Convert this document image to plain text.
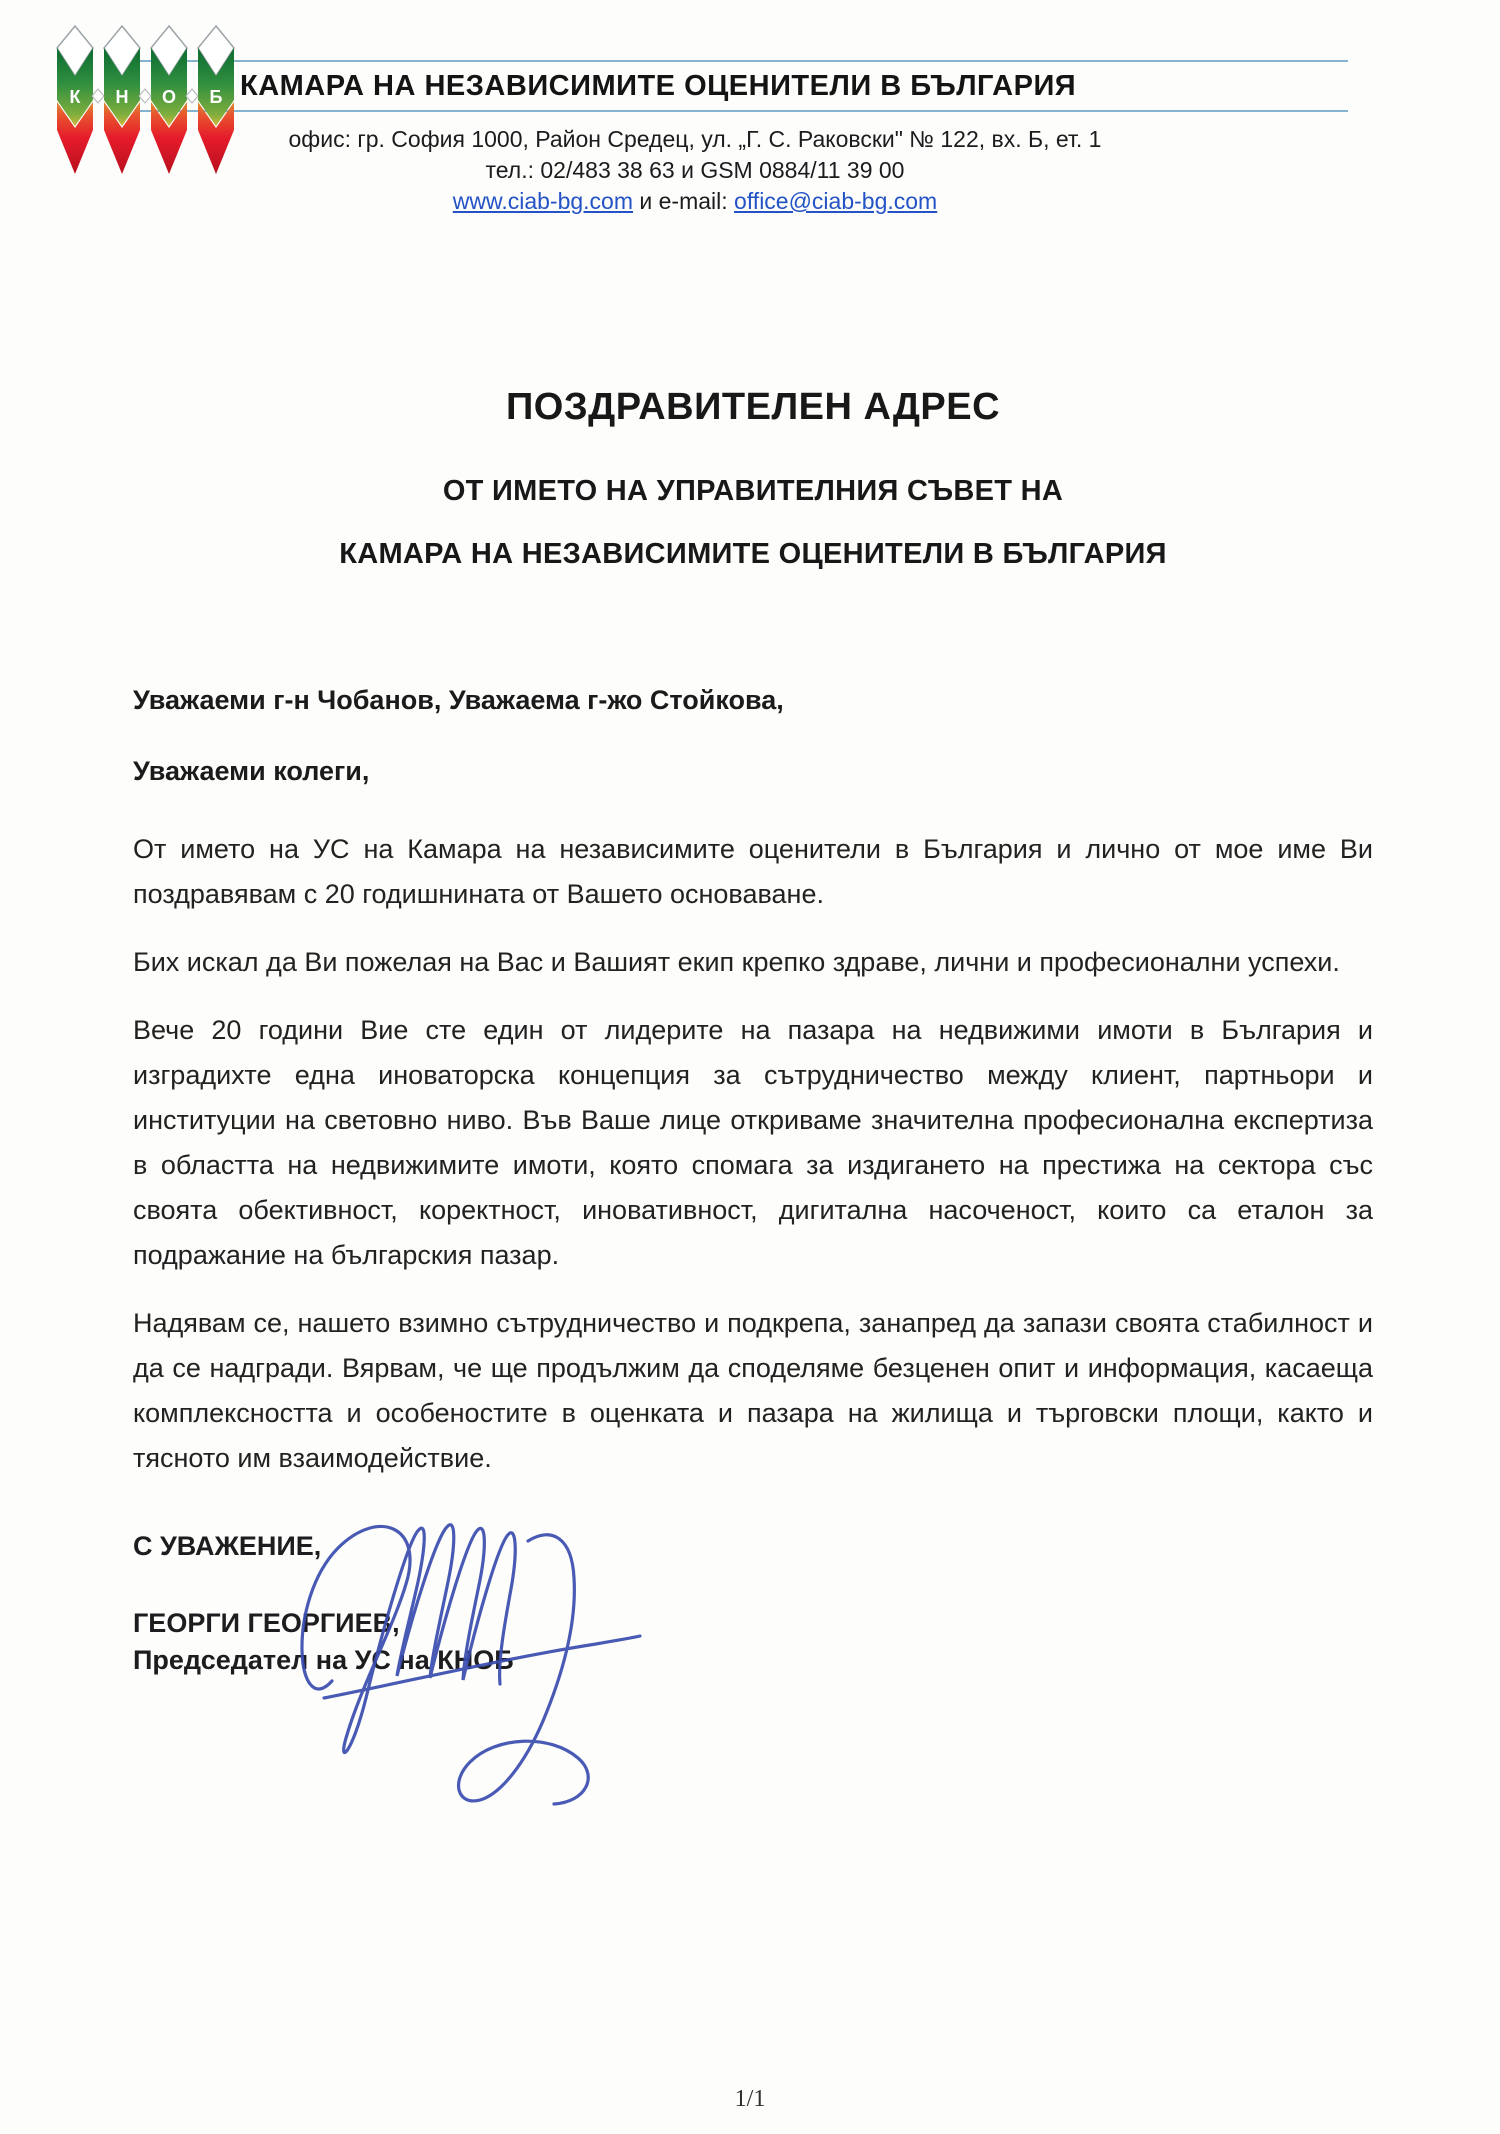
КАМАРА НА НЕЗАВИСИМИТЕ ОЦЕНИТЕЛИ В БЪЛГАРИЯ
К Н О Б
офис: гр. София 1000, Район Средец, ул. „Г. С. Раковски" № 122, вх. Б, ет. 1
тел.: 02/483 38 63 и GSM 0884/11 39 00
www.ciab-bg.com и e-mail: office@ciab-bg.com
ПОЗДРАВИТЕЛЕН АДРЕС
ОТ ИМЕТО НА УПРАВИТЕЛНИЯ СЪВЕТ НА
КАМАРА НА НЕЗАВИСИМИТЕ ОЦЕНИТЕЛИ В БЪЛГАРИЯ
Уважаеми г-н Чобанов, Уважаема г-жо Стойкова,
Уважаеми колеги,

От името на УС на Камара на независимите оценители в България и лично от мое име Ви поздравявам с 20 годишнината от Вашето основаване.

Бих искал да Ви пожелая на Вас и Вашият екип крепко здраве, лични и професионални успехи.

Вече 20 години Вие сте един от лидерите на пазара на недвижими имоти в България и изградихте една иноваторска концепция за сътрудничество между клиент, партньори и институции на световно ниво. Във Ваше лице откриваме значителна професионална експертиза в областта на недвижимите имоти, която спомага за издигането на престижа на сектора със своята обективност, коректност, иновативност, дигитална насоченост, които са еталон за подражание на българския пазар.

Надявам се, нашето взимно сътрудничество и подкрепа, занапред да запази своята стабилност и да се надгради. Вярвам, че ще продължим да споделяме безценен опит и информация, касаеща комплексността и особеностите в оценката и пазара на жилища и търговски площи, както и тясното им взаимодействие.

С УВАЖЕНИЕ,
ГЕОРГИ ГЕОРГИЕВ,
Председател на УС на КНОБ
1/1
